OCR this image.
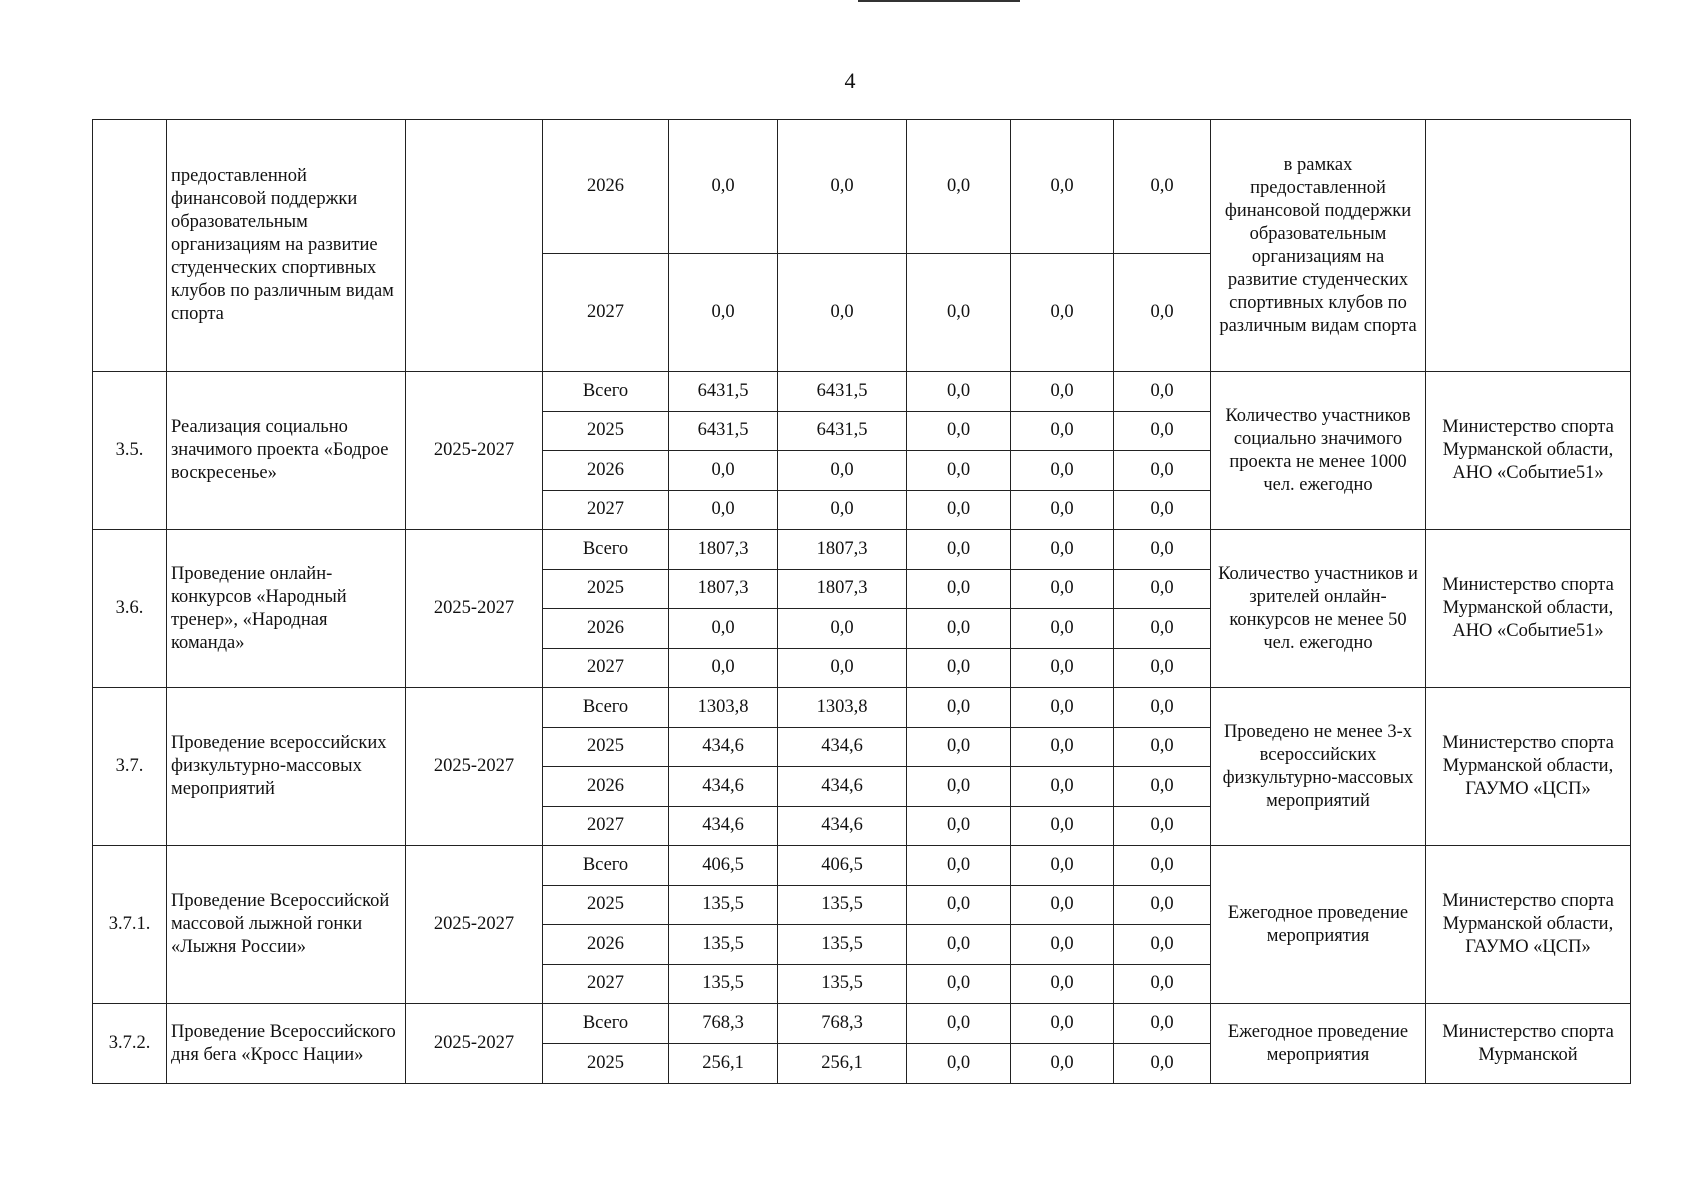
4
	предоставленной финансовой поддержки образовательным организациям на развитие студенческих спортивных клубов по различным видам спорта		2026	0,0	0,0	0,0	0,0	0,0	в рамках предоставленной финансовой поддержки образовательным организациям на развитие студенческих спортивных клубов по различным видам спорта	
			2027	0,0	0,0	0,0	0,0	0,0		
3.5.	Реализация социально значимого проекта «Бодрое воскресенье»	2025-2027	Всего	6431,5	6431,5	0,0	0,0	0,0	Количество участников социально значимого проекта не менее 1000 чел. ежегодно	Министерство спорта Мурманской области, АНО «Событие51»
			2025	6431,5	6431,5	0,0	0,0	0,0		
			2026	0,0	0,0	0,0	0,0	0,0		
			2027	0,0	0,0	0,0	0,0	0,0		
3.6.	Проведение онлайн-конкурсов «Народный тренер», «Народная команда»	2025-2027	Всего	1807,3	1807,3	0,0	0,0	0,0	Количество участников и зрителей онлайн-конкурсов не менее 50 чел. ежегодно	Министерство спорта Мурманской области, АНО «Событие51»
			2025	1807,3	1807,3	0,0	0,0	0,0		
			2026	0,0	0,0	0,0	0,0	0,0		
			2027	0,0	0,0	0,0	0,0	0,0		
3.7.	Проведение всероссийских физкультурно-массовых мероприятий	2025-2027	Всего	1303,8	1303,8	0,0	0,0	0,0	Проведено не менее 3-х всероссийских физкультурно-массовых мероприятий	Министерство спорта Мурманской области, ГАУМО «ЦСП»
			2025	434,6	434,6	0,0	0,0	0,0		
			2026	434,6	434,6	0,0	0,0	0,0		
			2027	434,6	434,6	0,0	0,0	0,0		
3.7.1.	Проведение Всероссийской массовой лыжной гонки «Лыжня России»	2025-2027	Всего	406,5	406,5	0,0	0,0	0,0	Ежегодное проведение мероприятия	Министерство спорта Мурманской области, ГАУМО «ЦСП»
			2025	135,5	135,5	0,0	0,0	0,0		
			2026	135,5	135,5	0,0	0,0	0,0		
			2027	135,5	135,5	0,0	0,0	0,0		
3.7.2.	Проведение Всероссийского дня бега «Кросс Нации»	2025-2027	Всего	768,3	768,3	0,0	0,0	0,0	Ежегодное проведение мероприятия	Министерство спорта Мурманской
			2025	256,1	256,1	0,0	0,0	0,0		
